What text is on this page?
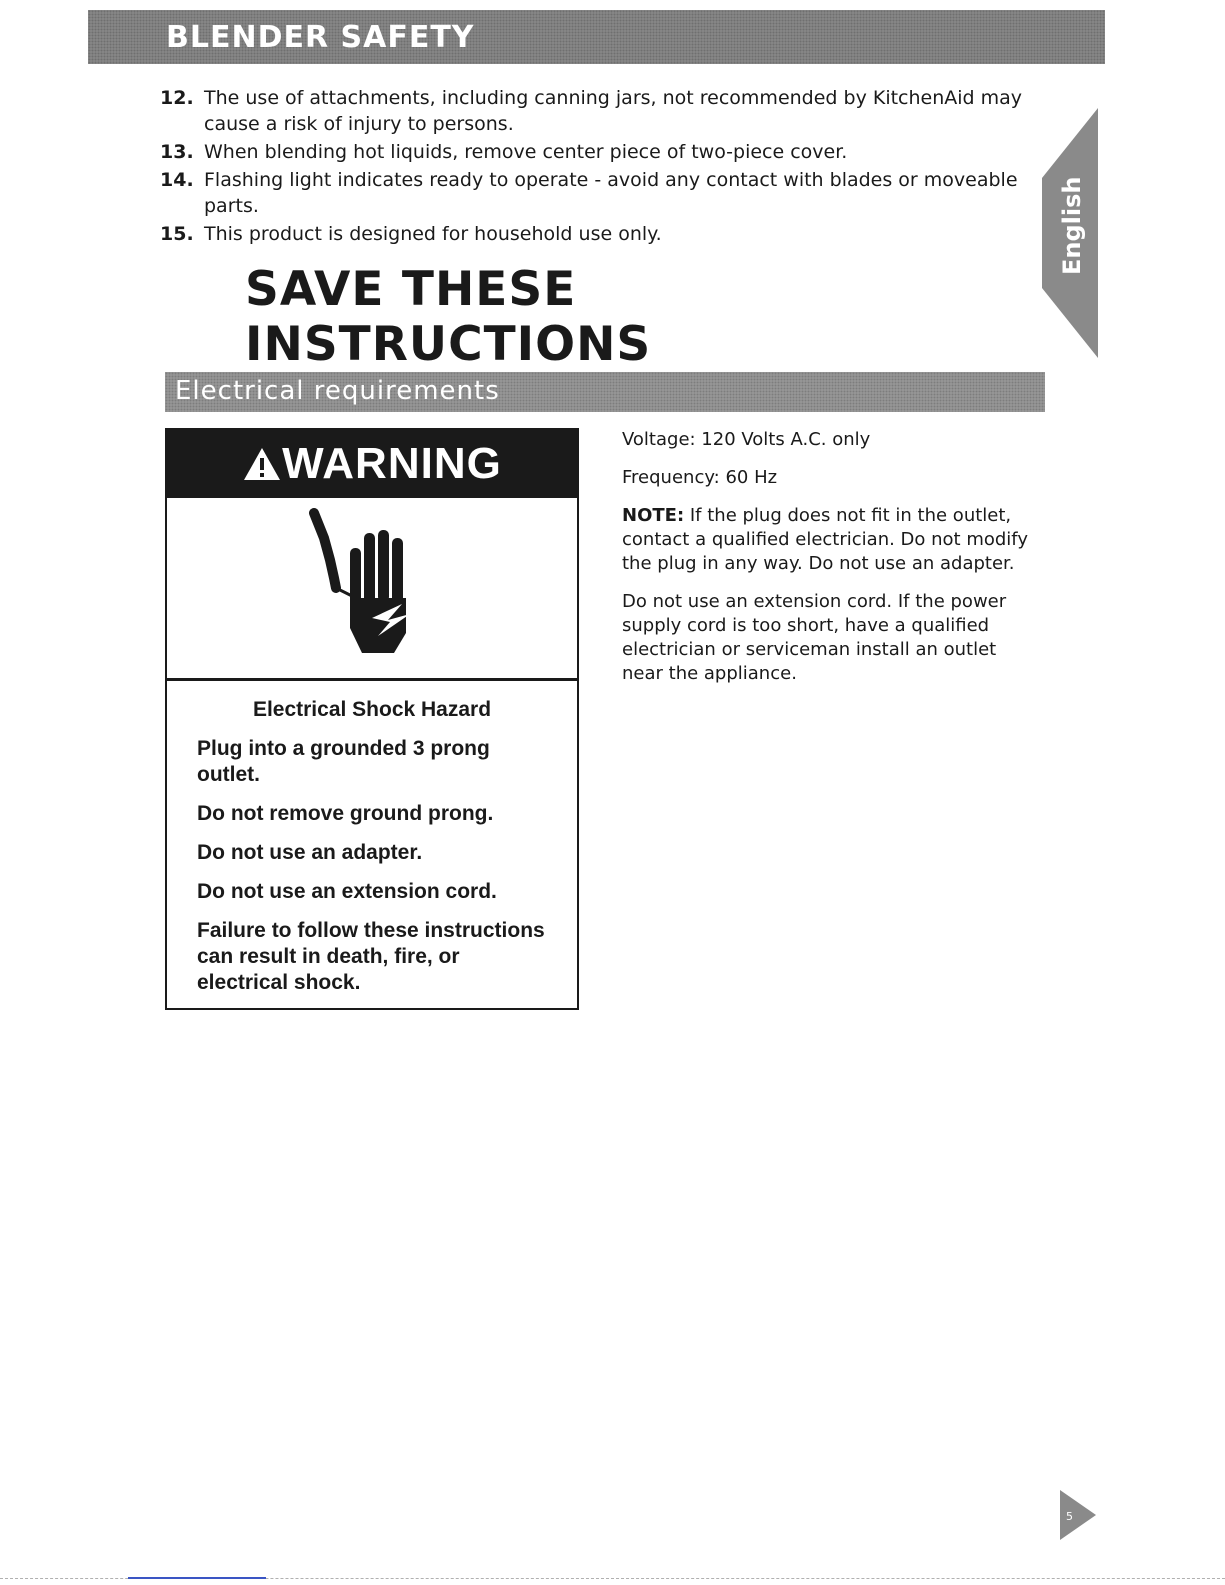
BLENDER SAFETY
12. The use of attachments, including canning jars, not recommended by KitchenAid may cause a risk of injury to persons.
13. When blending hot liquids, remove center piece of two-piece cover.
14. Flashing light indicates ready to operate - avoid any contact with blades or moveable parts.
15. This product is designed for household use only.
SAVE THESE INSTRUCTIONS
English
Electrical requirements
WARNING
Electrical Shock Hazard
Plug into a grounded 3 prong outlet.
Do not remove ground prong.
Do not use an adapter.
Do not use an extension cord.
Failure to follow these instructions can result in death, fire, or electrical shock.

Voltage: 120 Volts A.C. only

Frequency: 60 Hz

NOTE: If the plug does not fit in the outlet, contact a qualified electrician. Do not modify the plug in any way. Do not use an adapter.

Do not use an extension cord. If the power supply cord is too short, have a qualified electrician or serviceman install an outlet near the appliance.

5
